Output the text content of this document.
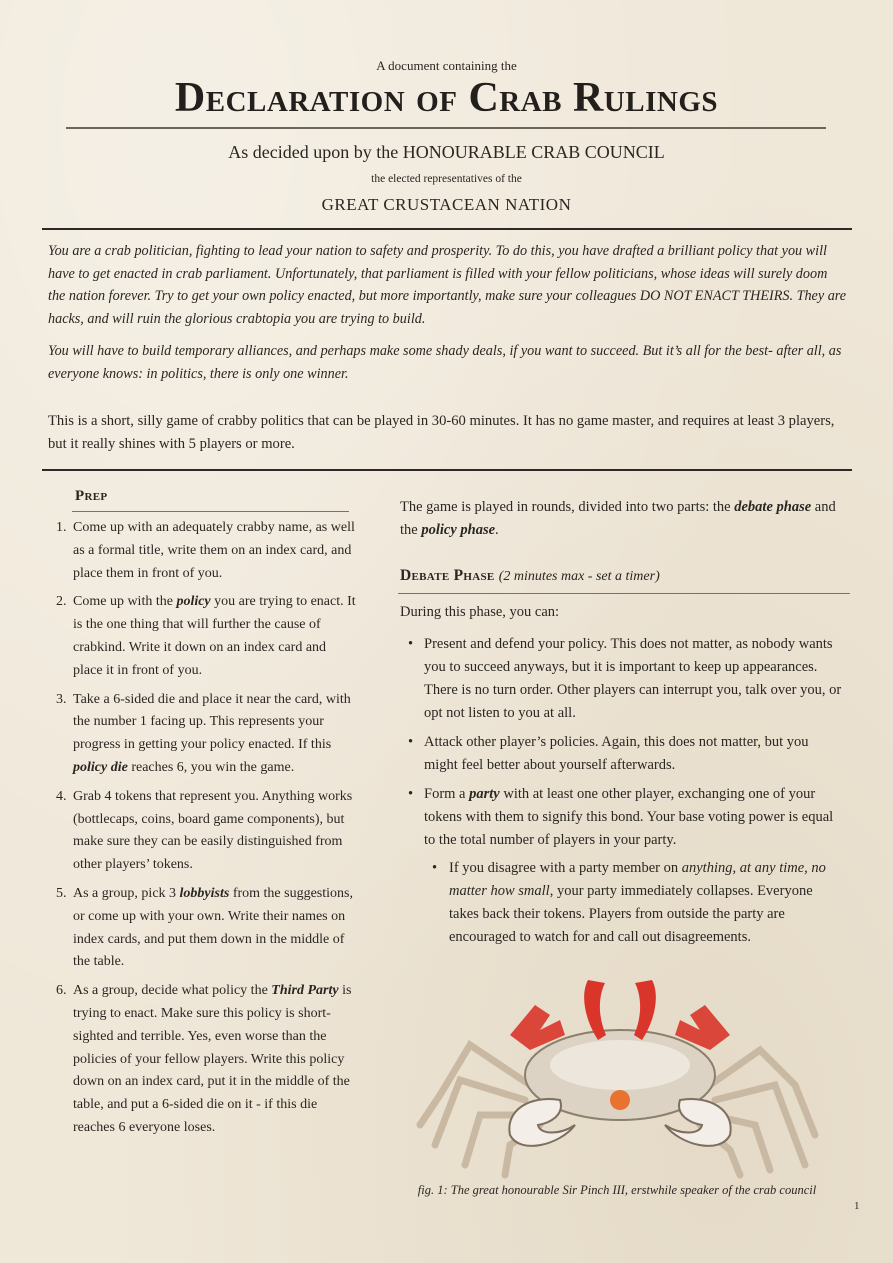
A document containing the
Declaration of Crab Rulings
As decided upon by the HONOURABLE CRAB COUNCIL
the elected representatives of the
GREAT CRUSTACEAN NATION

You are a crab politician, fighting to lead your nation to safety and prosperity. To do this, you have drafted a brilliant policy that you will have to get enacted in crab parliament. Unfortunately, that parliament is filled with your fellow politicians, whose ideas will surely doom the nation forever. Try to get your own policy enacted, but more importantly, make sure your colleagues DO NOT ENACT THEIRS. They are hacks, and will ruin the glorious crabtopia you are trying to build.

You will have to build temporary alliances, and perhaps make some shady deals, if you want to succeed. But it’s all for the best- after all, as everyone knows: in politics, there is only one winner.

This is a short, silly game of crabby politics that can be played in 30-60 minutes. It has no game master, and requires at least 3 players, but it really shines with 5 players or more.

Prep
1. Come up with an adequately crabby name, as well as a formal title, write them on an index card, and place them in front of you.
2. Come up with the policy you are trying to enact. It is the one thing that will further the cause of crabkind. Write it down on an index card and place it in front of you.
3. Take a 6-sided die and place it near the card, with the number 1 facing up. This represents your progress in getting your policy enacted. If this policy die reaches 6, you win the game.
4. Grab 4 tokens that represent you. Anything works (bottlecaps, coins, board game components), but make sure they can be easily distinguished from other players’ tokens.
5. As a group, pick 3 lobbyists from the suggestions, or come up with your own. Write their names on index cards, and put them down in the middle of the table.
6. As a group, decide what policy the Third Party is trying to enact. Make sure this policy is short-sighted and terrible. Yes, even worse than the policies of your fellow players. Write this policy down on an index card, put it in the middle of the table, and put a 6-sided die on it - if this die reaches 6 everyone loses.

The game is played in rounds, divided into two parts: the debate phase and the policy phase.

Debate Phase (2 minutes max - set a timer)
During this phase, you can:
• Present and defend your policy. This does not matter, as nobody wants you to succeed anyways, but it is important to keep up appearances. There is no turn order. Other players can interrupt you, talk over you, or opt not listen to you at all.
• Attack other player’s policies. Again, this does not matter, but you might feel better about yourself afterwards.
• Form a party with at least one other player, exchanging one of your tokens with them to signify this bond. Your base voting power is equal to the total number of players in your party.
• If you disagree with a party member on anything, at any time, no matter how small, your party immediately collapses. Everyone takes back their tokens. Players from outside the party are encouraged to watch for and call out disagreements.
fig. 1: The great honourable Sir Pinch III, erstwhile speaker of the crab council
1
